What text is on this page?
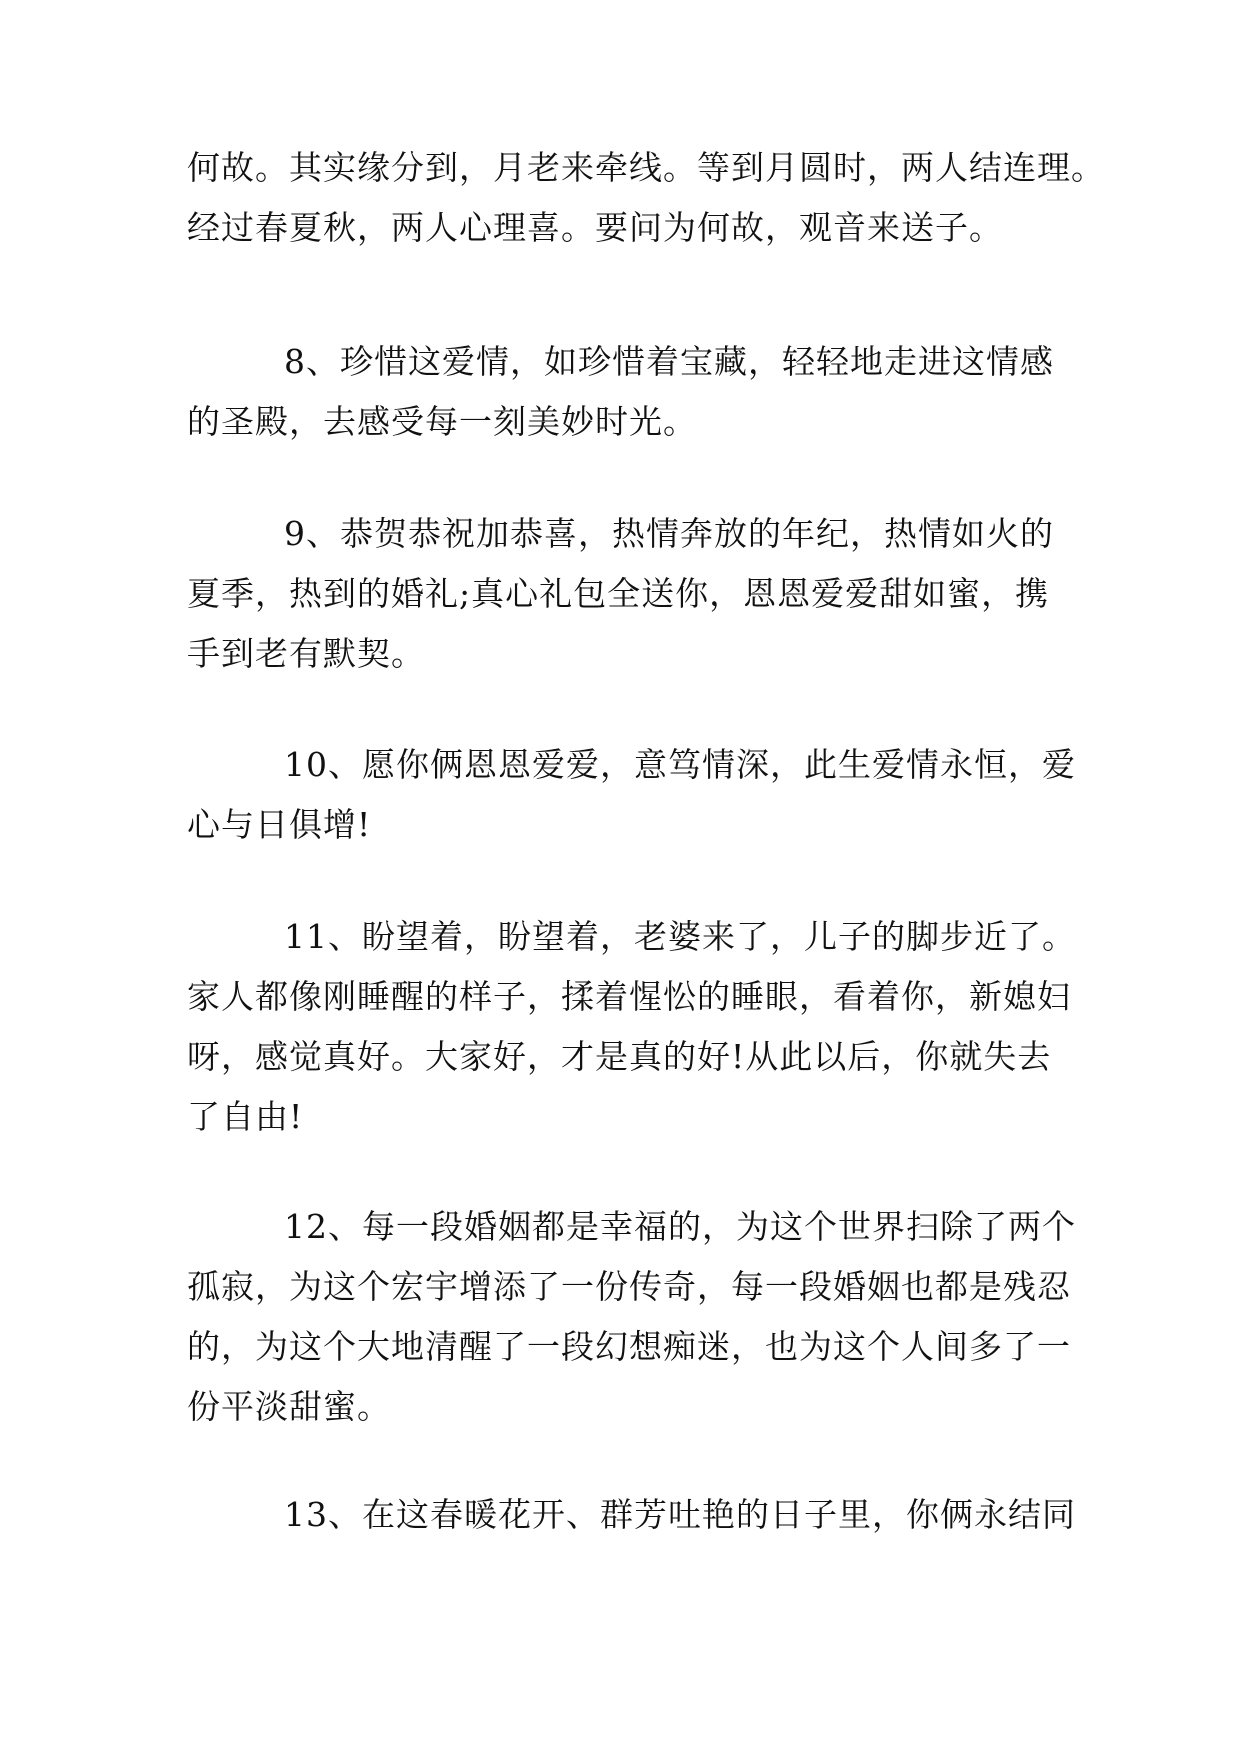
何故。其实缘分到，月老来牵线。等到月圆时，两人结连理。
经过春夏秋，两人心理喜。要问为何故，观音来送子。
8、珍惜这爱情，如珍惜着宝藏，轻轻地走进这情感
的圣殿，去感受每一刻美妙时光。
9、恭贺恭祝加恭喜，热情奔放的年纪，热情如火的
夏季，热到的婚礼;真心礼包全送你，恩恩爱爱甜如蜜，携
手到老有默契。
10、愿你俩恩恩爱爱，意笃情深，此生爱情永恒，爱
心与日俱增!
11、盼望着，盼望着，老婆来了，儿子的脚步近了。
家人都像刚睡醒的样子，揉着惺忪的睡眼，看着你，新媳妇
呀，感觉真好。大家好，才是真的好!从此以后，你就失去
了自由!
12、每一段婚姻都是幸福的，为这个世界扫除了两个
孤寂，为这个宏宇增添了一份传奇，每一段婚姻也都是残忍
的，为这个大地清醒了一段幻想痴迷，也为这个人间多了一
份平淡甜蜜。
13、在这春暖花开、群芳吐艳的日子里，你俩永结同
